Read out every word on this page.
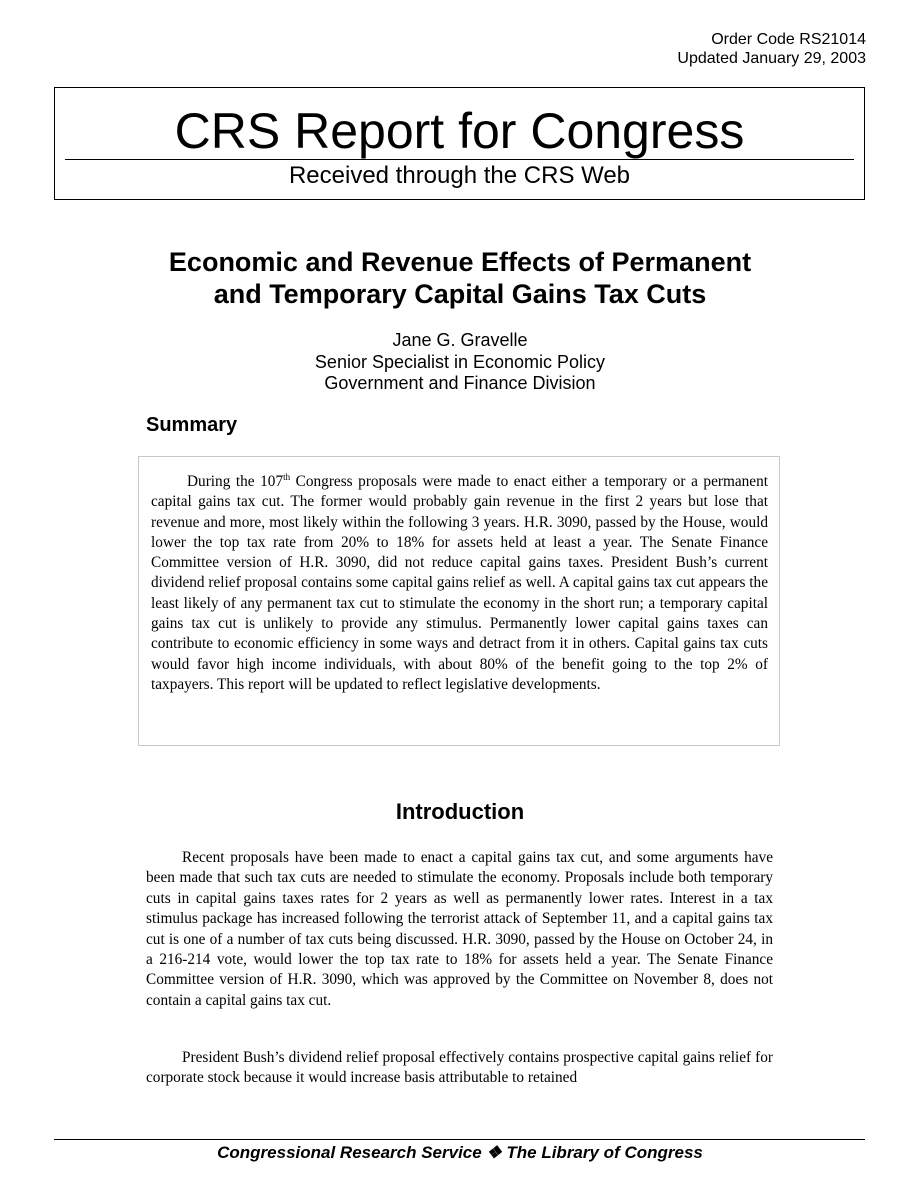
Order Code RS21014
Updated January 29, 2003
CRS Report for Congress
Received through the CRS Web
Economic and Revenue Effects of Permanent
and Temporary Capital Gains Tax Cuts
Jane G. Gravelle
Senior Specialist in Economic Policy
Government and Finance Division
Summary

During the 107th Congress proposals were made to enact either a temporary or a permanent capital gains tax cut. The former would probably gain revenue in the first 2 years but lose that revenue and more, most likely within the following 3 years. H.R. 3090, passed by the House, would lower the top tax rate from 20% to 18% for assets held at least a year. The Senate Finance Committee version of H.R. 3090, did not reduce capital gains taxes. President Bush’s current dividend relief proposal contains some capital gains relief as well. A capital gains tax cut appears the least likely of any permanent tax cut to stimulate the economy in the short run; a temporary capital gains tax cut is unlikely to provide any stimulus. Permanently lower capital gains taxes can contribute to economic efficiency in some ways and detract from it in others. Capital gains tax cuts would favor high income individuals, with about 80% of the benefit going to the top 2% of taxpayers. This report will be updated to reflect legislative developments.

Introduction

Recent proposals have been made to enact a capital gains tax cut, and some arguments have been made that such tax cuts are needed to stimulate the economy. Proposals include both temporary cuts in capital gains taxes rates for 2 years as well as permanently lower rates. Interest in a tax stimulus package has increased following the terrorist attack of September 11, and a capital gains tax cut is one of a number of tax cuts being discussed. H.R. 3090, passed by the House on October 24, in a 216-214 vote, would lower the top tax rate to 18% for assets held a year. The Senate Finance Committee version of H.R. 3090, which was approved by the Committee on November 8, does not contain a capital gains tax cut.

President Bush’s dividend relief proposal effectively contains prospective capital gains relief for corporate stock because it would increase basis attributable to retained

Congressional Research Service ❖ The Library of Congress
